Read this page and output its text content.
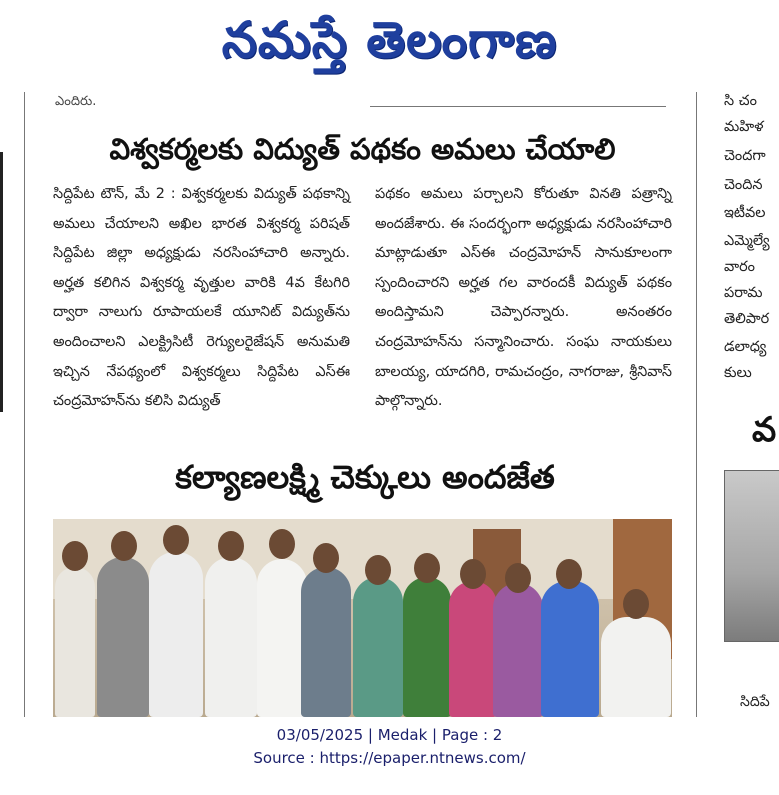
నమస్తే తెలంగాణ
ఎందిరు.
విశ్వకర్మలకు విద్యుత్ పథకం అమలు చేయాలి
సిద్దిపేట టౌన్, మే 2 : విశ్వకర్మలకు విద్యుత్ పథకాన్ని అమలు చేయాలని అఖిల భారత విశ్వకర్మ పరిషత్ సిద్దిపేట జిల్లా అధ్యక్షుడు నరసింహాచారి అన్నారు. అర్హత కలిగిన విశ్వకర్మ వృత్తుల వారికి 4వ కేటగిరి ద్వారా నాలుగు రూపాయలకే యూనిట్ విద్యుత్‌ను అందించాలని ఎలక్ట్రిసిటీ రెగ్యులరైజేషన్ అనుమతి ఇచ్చిన నేపథ్యంలో విశ్వకర్మలు సిద్దిపేట ఎస్ఈ చంద్రమోహన్‌ను కలిసి విద్యుత్
పథకం అమలు పర్చాలని కోరుతూ వినతి పత్రాన్ని అందజేశారు. ఈ సందర్భంగా అధ్యక్షుడు నరసింహాచారి మాట్లాడుతూ ఎస్ఈ చంద్రమోహన్ సానుకూలంగా స్పందించారని అర్హత గల వారందకీ విద్యుత్ పథకం అందిస్తామని చెప్పారన్నారు. అనంతరం చంద్రమోహన్‌ను సన్మానించారు. సంఘ నాయకులు బాలయ్య, యాదగిరి, రామచంద్రం, నాగరాజు, శ్రీనివాస్ పాల్గొన్నారు.
కల్యాణలక్ష్మి చెక్కులు అందజేత
సి చం
మహిళ
చెందగా
చెందిన
ఇటీవల
ఎమ్మెల్యే
వారం
పరామ
తెలిపార
డలాధ్య
కులు
వ
సిదిపే
03/05/2025 | Medak | Page : 2
Source : https://epaper.ntnews.com/
